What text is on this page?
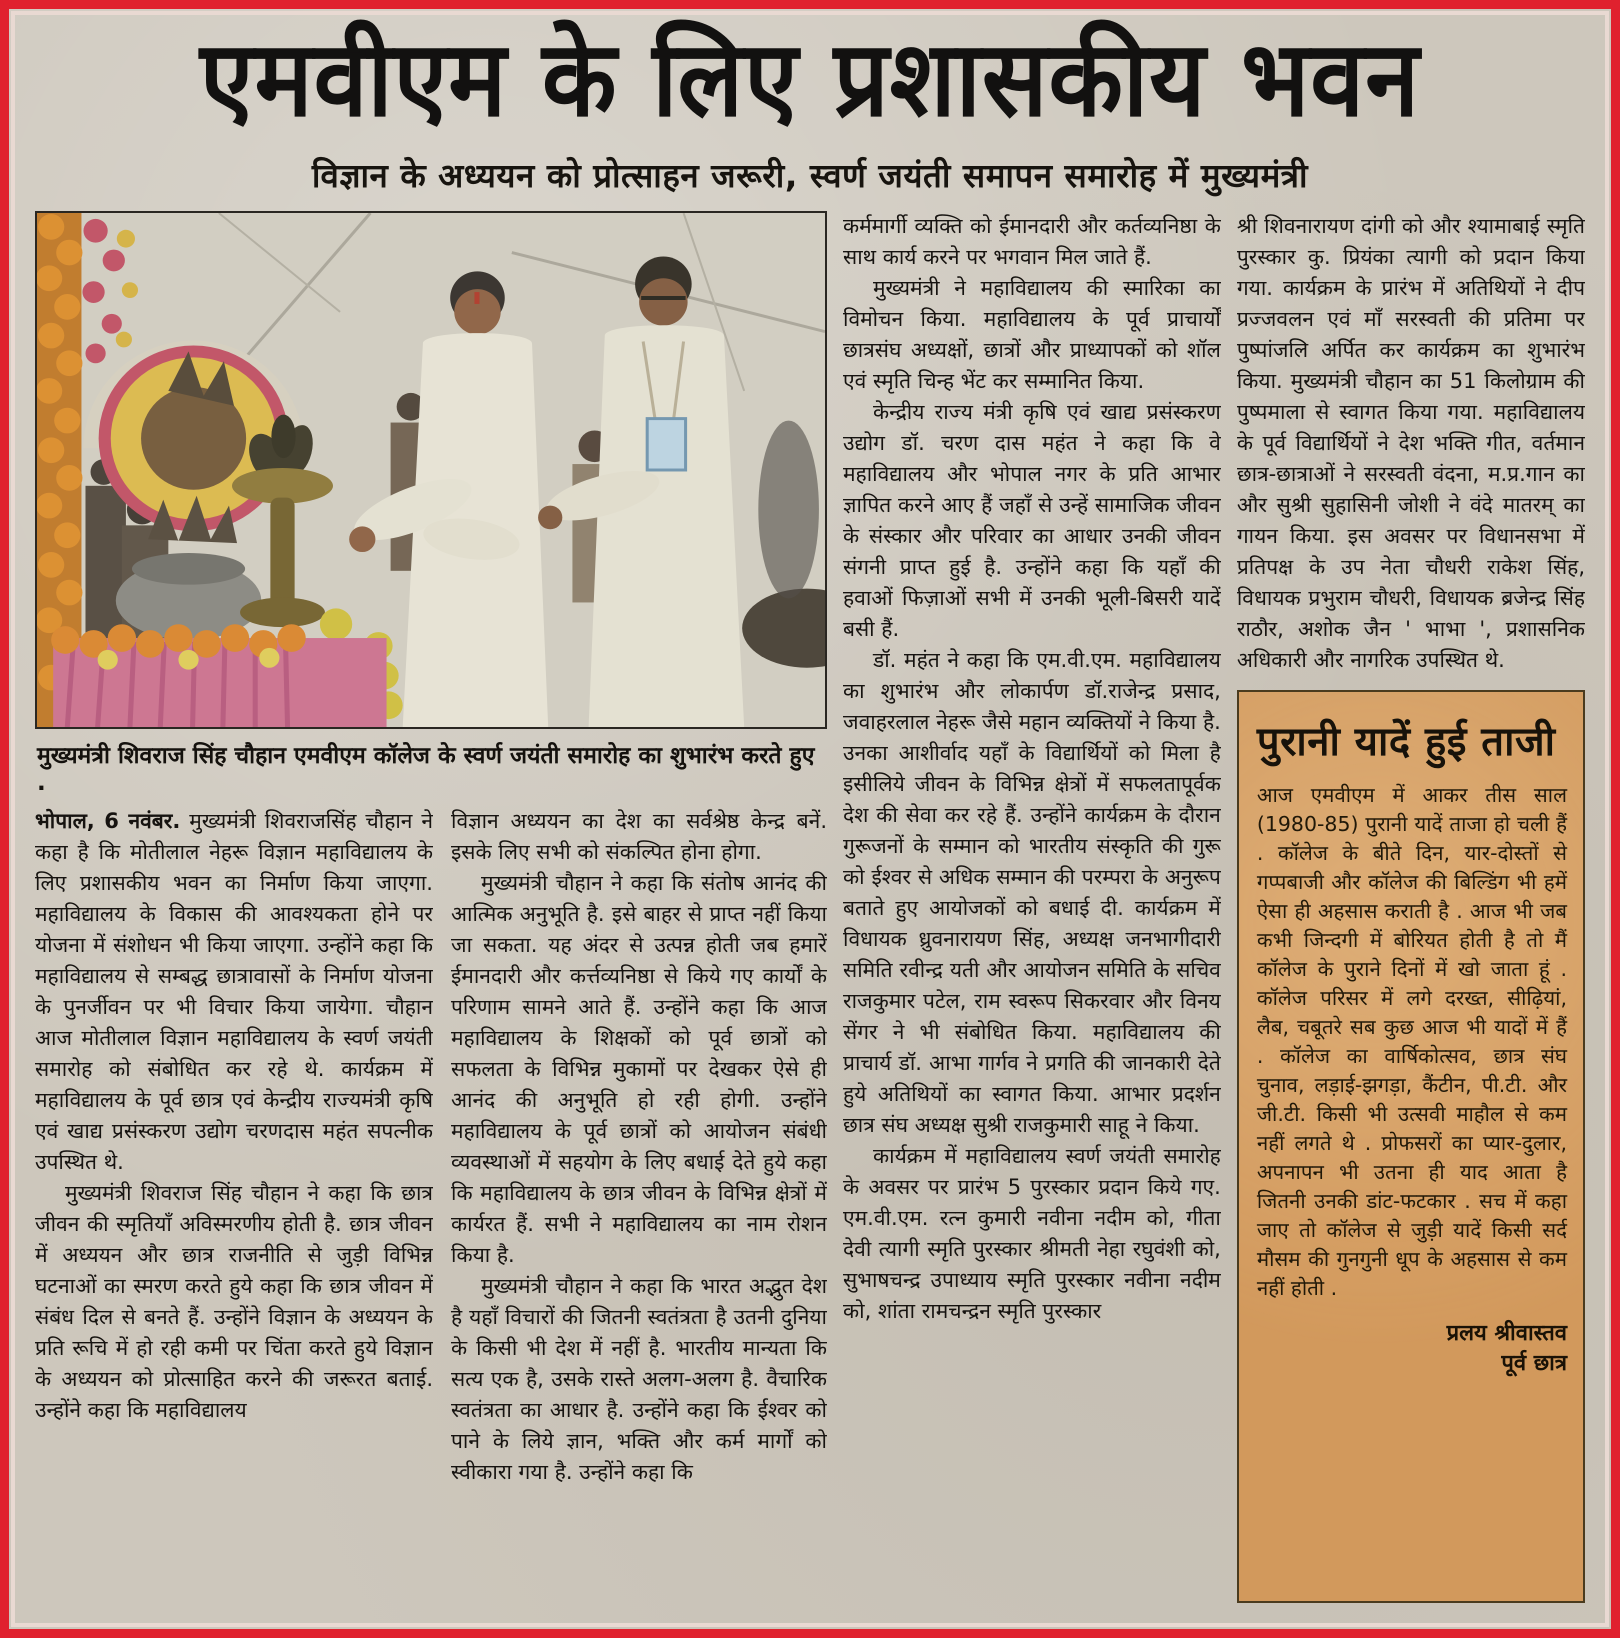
एमवीएम के लिए प्रशासकीय भवन
विज्ञान के अध्ययन को प्रोत्साहन जरूरी, स्वर्ण जयंती समापन समारोह में मुख्यमंत्री
मुख्यमंत्री शिवराज सिंह चौहान एमवीएम कॉलेज के स्वर्ण जयंती समारोह का शुभारंभ करते हुए .

भोपाल, 6 नवंबर. मुख्यमंत्री शिवराजसिंह चौहान ने कहा है कि मोतीलाल नेहरू विज्ञान महाविद्यालय के लिए प्रशासकीय भवन का निर्माण किया जाएगा. महाविद्यालय के विकास की आवश्यकता होने पर योजना में संशोधन भी किया जाएगा. उन्होंने कहा कि महाविद्यालय से सम्बद्ध छात्रावासों के निर्माण योजना के पुनर्जीवन पर भी विचार किया जायेगा. चौहान आज मोतीलाल विज्ञान महाविद्यालय के स्वर्ण जयंती समारोह को संबोधित कर रहे थे. कार्यक्रम में महाविद्यालय के पूर्व छात्र एवं केन्द्रीय राज्यमंत्री कृषि एवं खाद्य प्रसंस्करण उद्योग चरणदास महंत सपत्नीक उपस्थित थे.

मुख्यमंत्री शिवराज सिंह चौहान ने कहा कि छात्र जीवन की स्मृतियाँ अविस्मरणीय होती है. छात्र जीवन में अध्ययन और छात्र राजनीति से जुड़ी विभिन्न घटनाओं का स्मरण करते हुये कहा कि छात्र जीवन में संबंध दिल से बनते हैं. उन्होंने विज्ञान के अध्ययन के प्रति रूचि में हो रही कमी पर चिंता करते हुये विज्ञान के अध्ययन को प्रोत्साहित करने की जरूरत बताई. उन्होंने कहा कि महाविद्यालय

विज्ञान अध्ययन का देश का सर्वश्रेष्ठ केन्द्र बनें. इसके लिए सभी को संकल्पित होना होगा.

मुख्यमंत्री चौहान ने कहा कि संतोष आनंद की आत्मिक अनुभूति है. इसे बाहर से प्राप्त नहीं किया जा सकता. यह अंदर से उत्पन्न होती जब हमारें ईमानदारी और कर्त्तव्यनिष्ठा से किये गए कार्यों के परिणाम सामने आते हैं. उन्होंने कहा कि आज महाविद्यालय के शिक्षकों को पूर्व छात्रों को सफलता के विभिन्न मुकामों पर देखकर ऐसे ही आनंद की अनुभूति हो रही होगी. उन्होंने महाविद्यालय के पूर्व छात्रों को आयोजन संबंधी व्यवस्थाओं में सहयोग के लिए बधाई देते हुये कहा कि महाविद्यालय के छात्र जीवन के विभिन्न क्षेत्रों में कार्यरत हैं. सभी ने महाविद्यालय का नाम रोशन किया है.

मुख्यमंत्री चौहान ने कहा कि भारत अद्भुत देश है यहाँ विचारों की जितनी स्वतंत्रता है उतनी दुनिया के किसी भी देश में नहीं है. भारतीय मान्यता कि सत्य एक है, उसके रास्ते अलग-अलग है. वैचारिक स्वतंत्रता का आधार है. उन्होंने कहा कि ईश्वर को पाने के लिये ज्ञान, भक्ति और कर्म मार्गों को स्वीकारा गया है. उन्होंने कहा कि

कर्ममार्गी व्यक्ति को ईमानदारी और कर्तव्यनिष्ठा के साथ कार्य करने पर भगवान मिल जाते हैं.

मुख्यमंत्री ने महाविद्यालय की स्मारिका का विमोचन किया. महाविद्यालय के पूर्व प्राचार्यों छात्रसंघ अध्यक्षों, छात्रों और प्राध्यापकों को शॉल एवं स्मृति चिन्ह भेंट कर सम्मानित किया.

केन्द्रीय राज्य मंत्री कृषि एवं खाद्य प्रसंस्करण उद्योग डॉ. चरण दास महंत ने कहा कि वे महाविद्यालय और भोपाल नगर के प्रति आभार ज्ञापित करने आए हैं जहाँ से उन्हें सामाजिक जीवन के संस्कार और परिवार का आधार उनकी जीवन संगनी प्राप्त हुई है. उन्होंने कहा कि यहाँ की हवाओं फिज़ाओं सभी में उनकी भूली-बिसरी यादें बसी हैं.

डॉ. महंत ने कहा कि एम.वी.एम. महाविद्यालय का शुभारंभ और लोकार्पण डॉ.राजेन्द्र प्रसाद, जवाहरलाल नेहरू जैसे महान व्यक्तियों ने किया है. उनका आशीर्वाद यहाँ के विद्यार्थियों को मिला है इसीलिये जीवन के विभिन्न क्षेत्रों में सफलतापूर्वक देश की सेवा कर रहे हैं. उन्होंने कार्यक्रम के दौरान गुरूजनों के सम्मान को भारतीय संस्कृति की गुरू को ईश्वर से अधिक सम्मान की परम्परा के अनुरूप बताते हुए आयोजकों को बधाई दी. कार्यक्रम में विधायक ध्रुवनारायण सिंह, अध्यक्ष जनभागीदारी समिति रवीन्द्र यती और आयोजन समिति के सचिव राजकुमार पटेल, राम स्वरूप सिकरवार और विनय सेंगर ने भी संबोधित किया. महाविद्यालय की प्राचार्य डॉ. आभा गार्गव ने प्रगति की जानकारी देते हुये अतिथियों का स्वागत किया. आभार प्रदर्शन छात्र संघ अध्यक्ष सुश्री राजकुमारी साहू ने किया.

कार्यक्रम में महाविद्यालय स्वर्ण जयंती समारोह के अवसर पर प्रारंभ 5 पुरस्कार प्रदान किये गए. एम.वी.एम. रत्न कुमारी नवीना नदीम को, गीता देवी त्यागी स्मृति पुरस्कार श्रीमती नेहा रघुवंशी को, सुभाषचन्द्र उपाध्याय स्मृति पुरस्कार नवीना नदीम को, शांता रामचन्द्रन स्मृति पुरस्कार

श्री शिवनारायण दांगी को और श्यामाबाई स्मृति पुरस्कार कु. प्रियंका त्यागी को प्रदान किया गया. कार्यक्रम के प्रारंभ में अतिथियों ने दीप प्रज्जवलन एवं माँ सरस्वती की प्रतिमा पर पुष्पांजलि अर्पित कर कार्यक्रम का शुभारंभ किया. मुख्यमंत्री चौहान का 51 किलोग्राम की पुष्पमाला से स्वागत किया गया. महाविद्यालय के पूर्व विद्यार्थियों ने देश भक्ति गीत, वर्तमान छात्र-छात्राओं ने सरस्वती वंदना, म.प्र.गान का और सुश्री सुहासिनी जोशी ने वंदे मातरम् का गायन किया. इस अवसर पर विधानसभा में प्रतिपक्ष के उप नेता चौधरी राकेश सिंह, विधायक प्रभुराम चौधरी, विधायक ब्रजेन्द्र सिंह राठौर, अशोक जैन ' भाभा ', प्रशासनिक अधिकारी और नागरिक उपस्थित थे.

पुरानी यादें हुई ताजी
आज एमवीएम में आकर तीस साल (1980-85) पुरानी यादें ताजा हो चली हैं . कॉलेज के बीते दिन, यार-दोस्तों से गप्पबाजी और कॉलेज की बिल्डिंग भी हमें ऐसा ही अहसास कराती है . आज भी जब कभी जिन्दगी में बोरियत होती है तो मैं कॉलेज के पुराने दिनों में खो जाता हूं . कॉलेज परिसर में लगे दरख्त, सीढ़ियां, लैब, चबूतरे सब कुछ आज भी यादों में हैं . कॉलेज का वार्षिकोत्सव, छात्र संघ चुनाव, लड़ाई-झगड़ा, कैंटीन, पी.टी. और जी.टी. किसी भी उत्सवी माहौल से कम नहीं लगते थे . प्रोफसरों का प्यार-दुलार, अपनापन भी उतना ही याद आता है जितनी उनकी डांट-फटकार . सच में कहा जाए तो कॉलेज से जुड़ी यादें किसी सर्द मौसम की गुनगुनी धूप के अहसास से कम नहीं होती .
प्रलय श्रीवास्तव
पूर्व छात्र
